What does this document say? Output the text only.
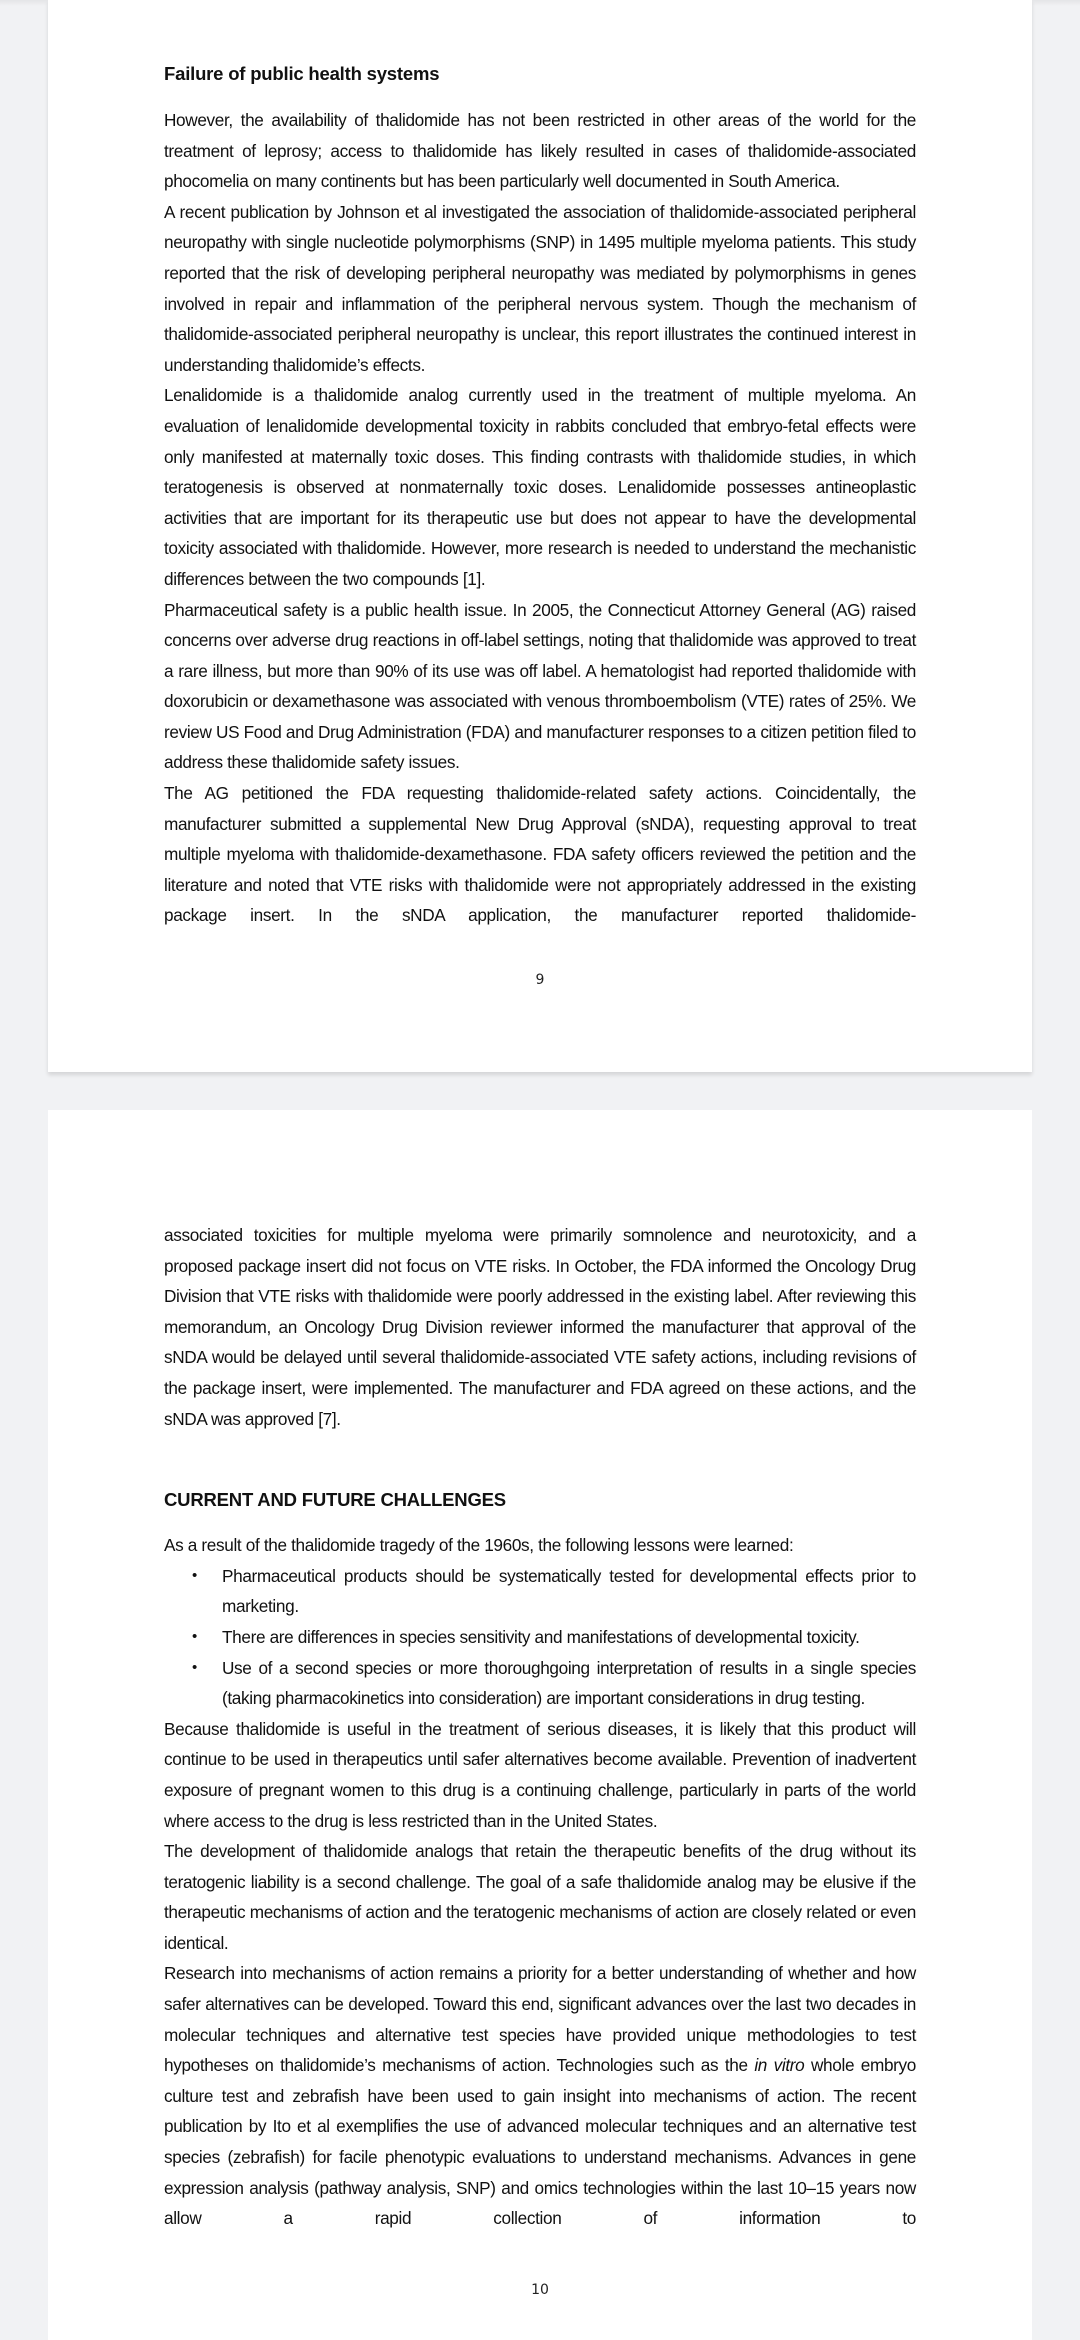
Failure of public health systems

However, the availability of thalidomide has not been restricted in other areas of the world for the treatment of leprosy; access to thalidomide has likely resulted in cases of thalidomide-associated phocomelia on many continents but has been particularly well documented in South America.

A recent publication by Johnson et al investigated the association of thalidomide-associated peripheral neuropathy with single nucleotide polymorphisms (SNP) in 1495 multiple myeloma patients. This study reported that the risk of developing peripheral neuropathy was mediated by polymorphisms in genes involved in repair and inflammation of the peripheral nervous system. Though the mechanism of thalidomide-associated peripheral neuropathy is unclear, this report illustrates the continued interest in understanding thalidomide’s effects.

Lenalidomide is a thalidomide analog currently used in the treatment of multiple myeloma. An evaluation of lenalidomide developmental toxicity in rabbits concluded that embryo-fetal effects were only manifested at maternally toxic doses. This finding contrasts with thalidomide studies, in which teratogenesis is observed at nonmaternally toxic doses. Lenalidomide possesses antineoplastic activities that are important for its therapeutic use but does not appear to have the developmental toxicity associated with thalidomide. However, more research is needed to understand the mechanistic differences between the two compounds [1].

Pharmaceutical safety is a public health issue. In 2005, the Connecticut Attorney General (AG) raised concerns over adverse drug reactions in off-label settings, noting that thalidomide was approved to treat a rare illness, but more than 90% of its use was off label. A hematologist had reported thalidomide with doxorubicin or dexamethasone was associated with venous thromboembolism (VTE) rates of 25%. We review US Food and Drug Administration (FDA) and manufacturer responses to a citizen petition filed to address these thalidomide safety issues.

The AG petitioned the FDA requesting thalidomide-related safety actions. Coincidentally, the manufacturer submitted a supplemental New Drug Approval (sNDA), requesting approval to treat multiple myeloma with thalidomide-dexamethasone. FDA safety officers reviewed the petition and the literature and noted that VTE risks with thalidomide were not appropriately addressed in the existing package insert. In the sNDA application, the manufacturer reported thalidomide-

9

associated toxicities for multiple myeloma were primarily somnolence and neurotoxicity, and a proposed package insert did not focus on VTE risks. In October, the FDA informed the Oncology Drug Division that VTE risks with thalidomide were poorly addressed in the existing label. After reviewing this memorandum, an Oncology Drug Division reviewer informed the manufacturer that approval of the sNDA would be delayed until several thalidomide-associated VTE safety actions, including revisions of the package insert, were implemented. The manufacturer and FDA agreed on these actions, and the sNDA was approved [7].

CURRENT AND FUTURE CHALLENGES

As a result of the thalidomide tragedy of the 1960s, the following lessons were learned:

• Pharmaceutical products should be systematically tested for developmental effects prior to marketing.
• There are differences in species sensitivity and manifestations of developmental toxicity.
• Use of a second species or more thoroughgoing interpretation of results in a single species (taking pharmacokinetics into consideration) are important considerations in drug testing.

Because thalidomide is useful in the treatment of serious diseases, it is likely that this product will continue to be used in therapeutics until safer alternatives become available. Prevention of inadvertent exposure of pregnant women to this drug is a continuing challenge, particularly in parts of the world where access to the drug is less restricted than in the United States.

The development of thalidomide analogs that retain the therapeutic benefits of the drug without its teratogenic liability is a second challenge. The goal of a safe thalidomide analog may be elusive if the therapeutic mechanisms of action and the teratogenic mechanisms of action are closely related or even identical.

Research into mechanisms of action remains a priority for a better understanding of whether and how safer alternatives can be developed. Toward this end, significant advances over the last two decades in molecular techniques and alternative test species have provided unique methodologies to test hypotheses on thalidomide’s mechanisms of action. Technologies such as the in vitro whole embryo culture test and zebrafish have been used to gain insight into mechanisms of action. The recent publication by Ito et al exemplifies the use of advanced molecular techniques and an alternative test species (zebrafish) for facile phenotypic evaluations to understand mechanisms. Advances in gene expression analysis (pathway analysis, SNP) and omics technologies within the last 10–15 years now allow a rapid collection of information to

10
